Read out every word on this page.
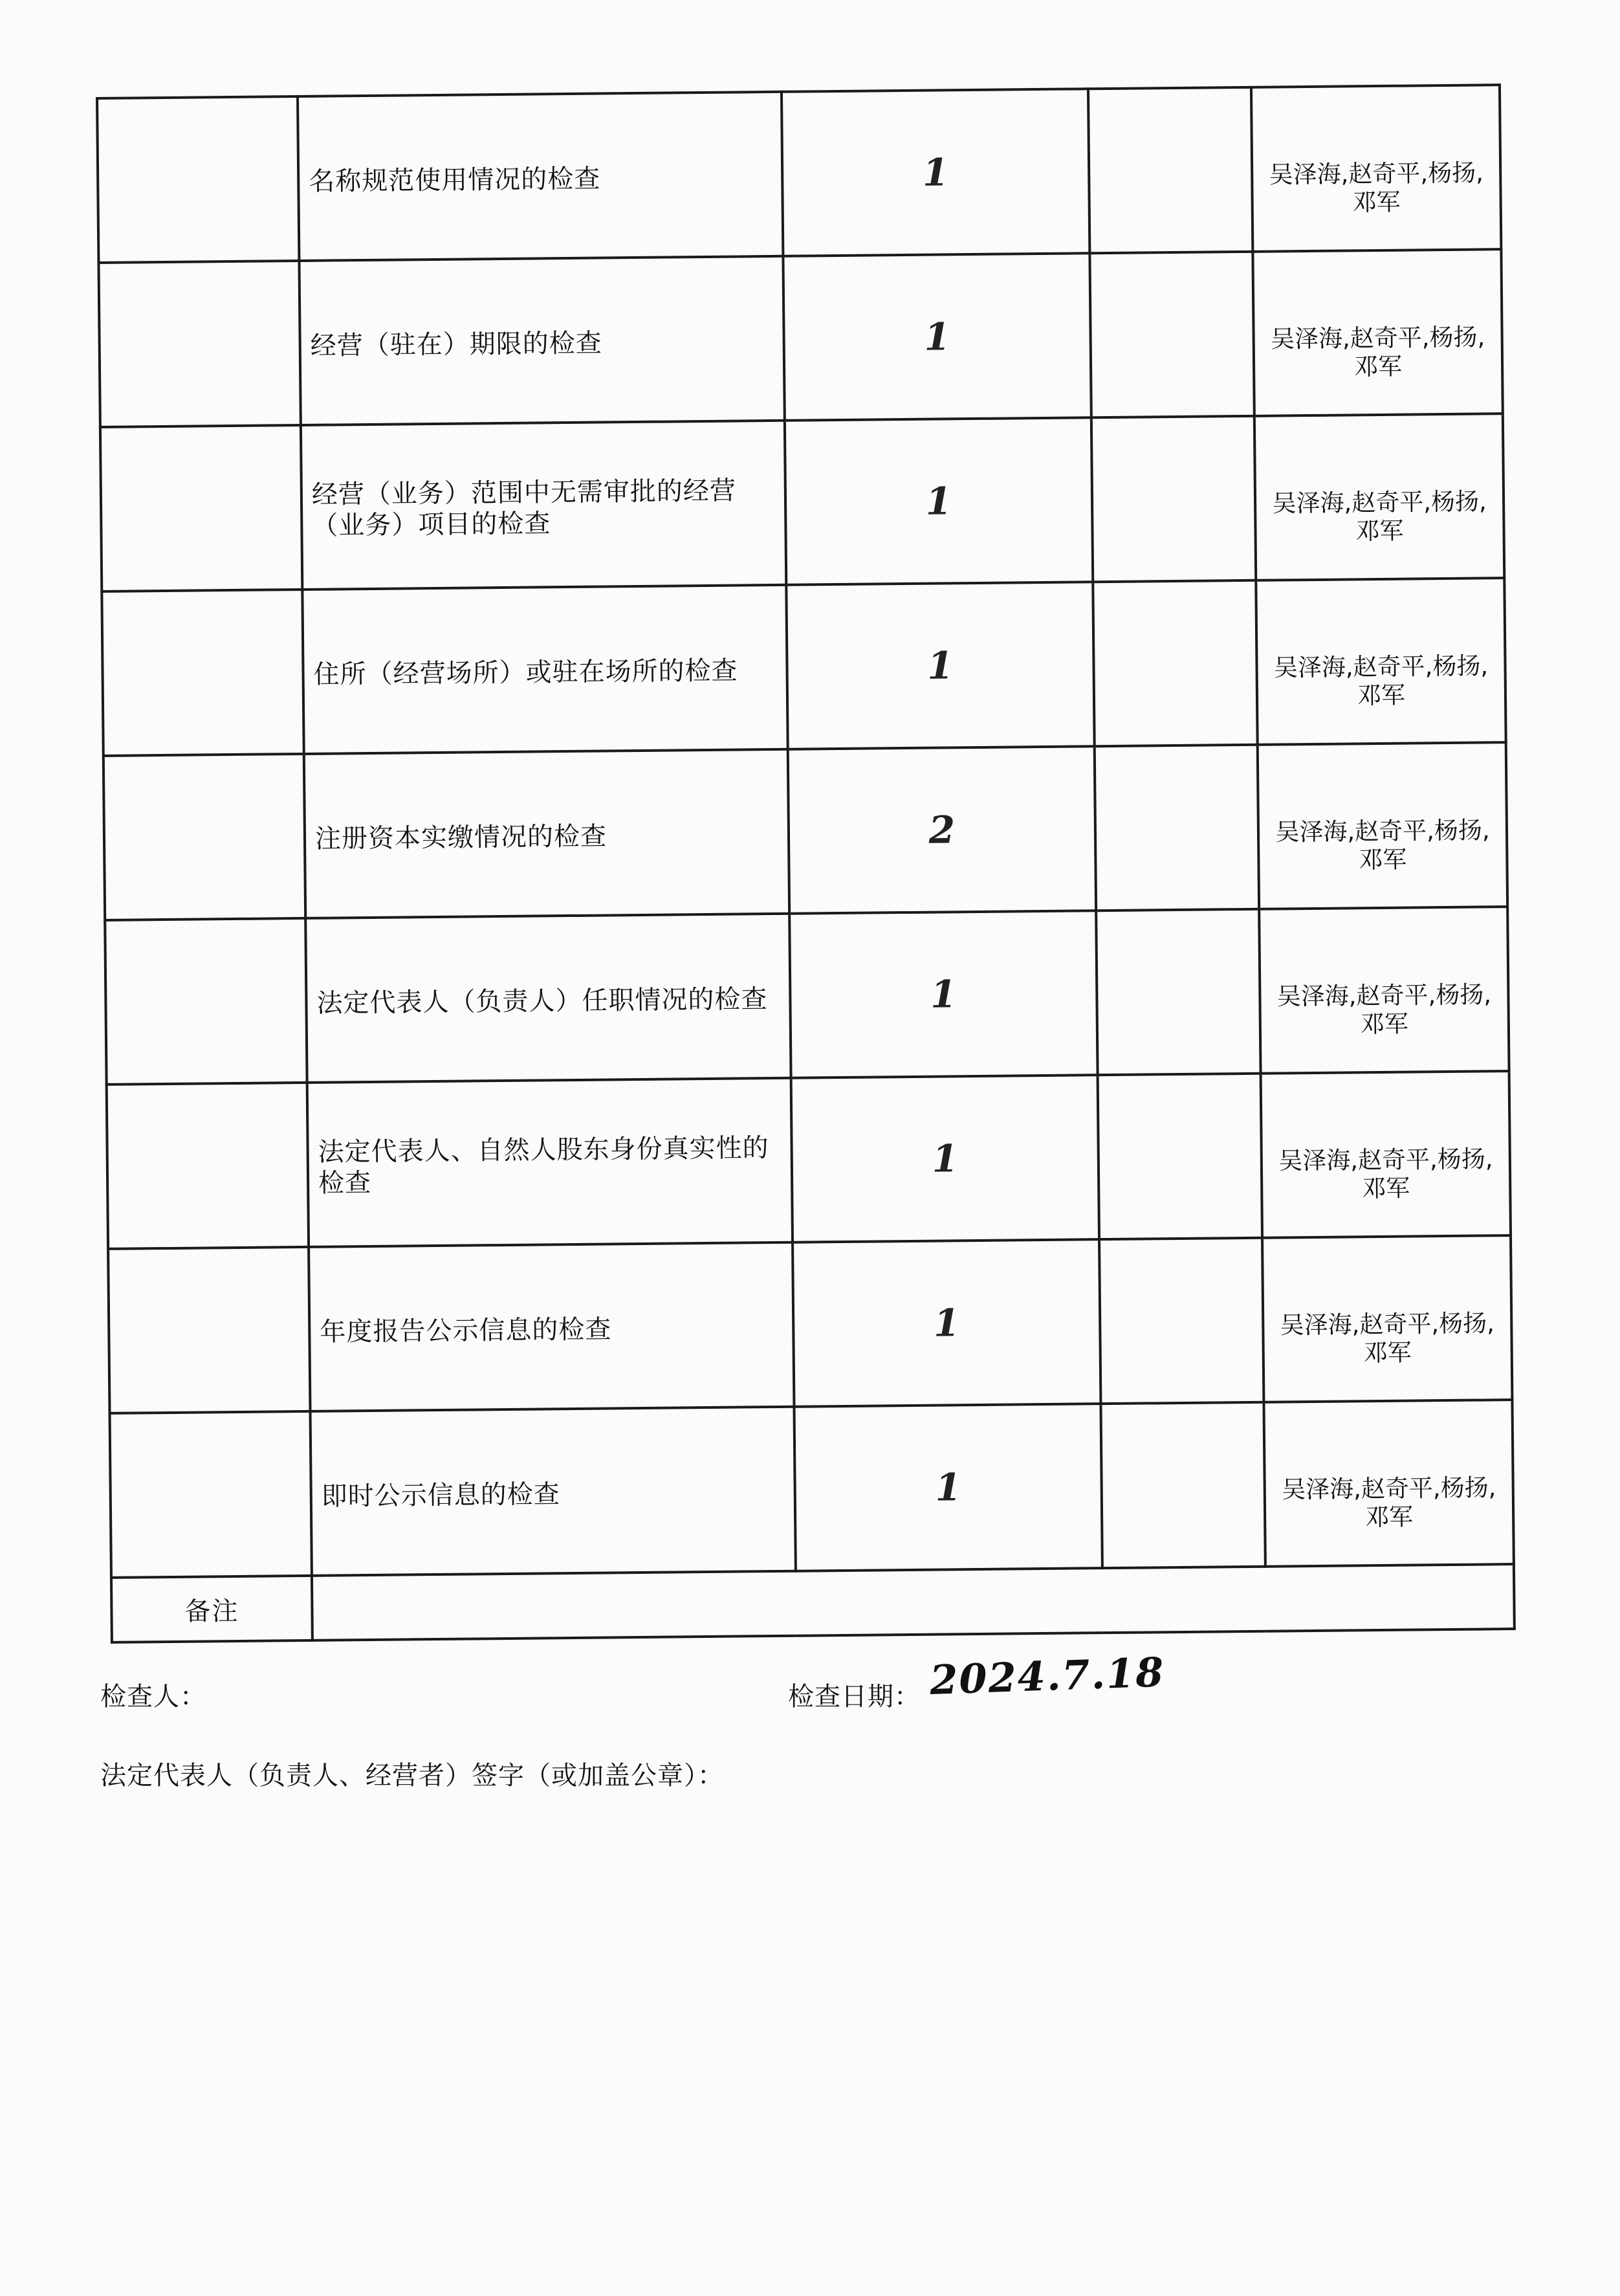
	名称规范使用情况的检查	1		吴泽海,赵奇平,杨扬,邓军
	经营（驻在）期限的检查	1		吴泽海,赵奇平,杨扬,邓军
	经营（业务）范围中无需审批的经营（业务）项目的检查	1		吴泽海,赵奇平,杨扬,邓军
	住所（经营场所）或驻在场所的检查	1		吴泽海,赵奇平,杨扬,邓军
	注册资本实缴情况的检查	2		吴泽海,赵奇平,杨扬,邓军
	法定代表人（负责人）任职情况的检查	1		吴泽海,赵奇平,杨扬,邓军
	法定代表人、自然人股东身份真实性的检查	1		吴泽海,赵奇平,杨扬,邓军
	年度报告公示信息的检查	1		吴泽海,赵奇平,杨扬,邓军
	即时公示信息的检查	1		吴泽海,赵奇平,杨扬,邓军
备注				
检查人：	检查日期： 2024.7.18
法定代表人（负责人、经营者）签字（或加盖公章）：
